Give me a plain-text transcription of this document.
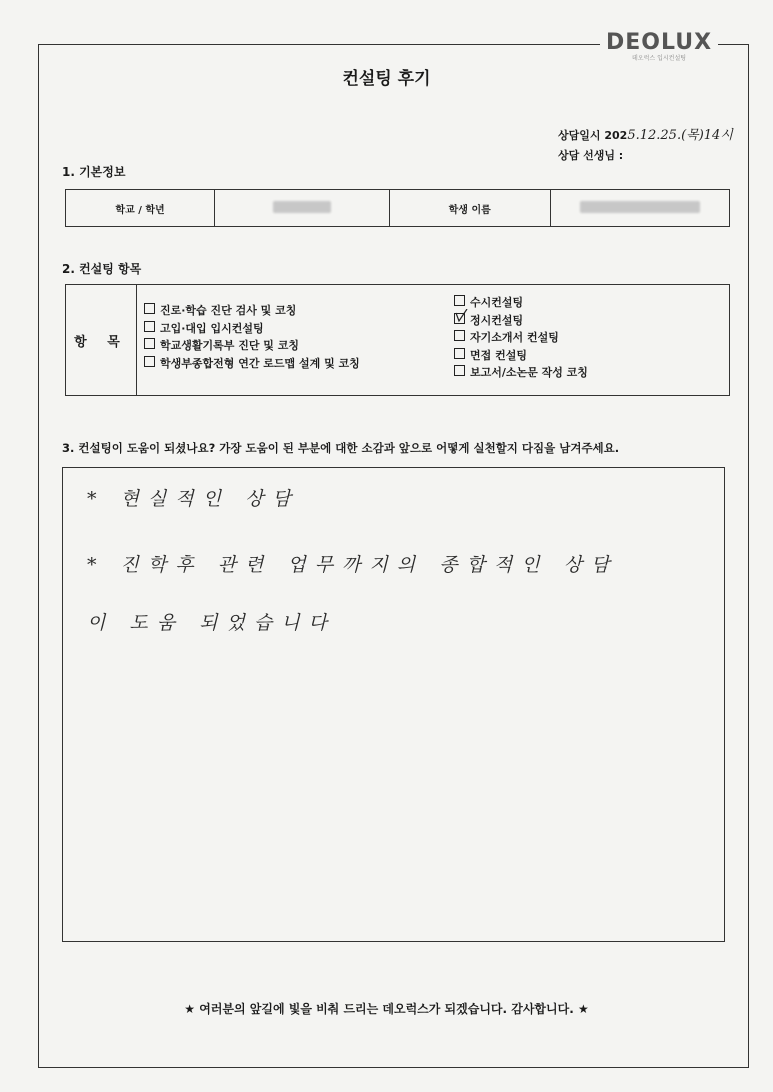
DEOLUX
데오럭스 입시컨설팅
컨설팅 후기
상담일시 2025.12.25.(목)14시
상담 선생님 :
1. 기본정보
학교 / 학년		학생 이름	
2. 컨설팅 항목
항 목
진로·학습 진단 검사 및 코칭
고입·대입 입시컨설팅
학교생활기록부 진단 및 코칭
학생부종합전형 연간 로드맵 설계 및 코칭
수시컨설팅
정시컨설팅
자기소개서 컨설팅
면접 컨설팅
보고서/소논문 작성 코칭
3. 컨설팅이 도움이 되셨나요? 가장 도움이 된 부분에 대한 소감과 앞으로 어떻게 실천할지 다짐을 남겨주세요.
* 현실적인 상담
* 진학후 관련 업무까지의 종합적인 상담
이 도움 되었습니다
★ 여러분의 앞길에 빛을 비춰 드리는 데오럭스가 되겠습니다. 감사합니다. ★
